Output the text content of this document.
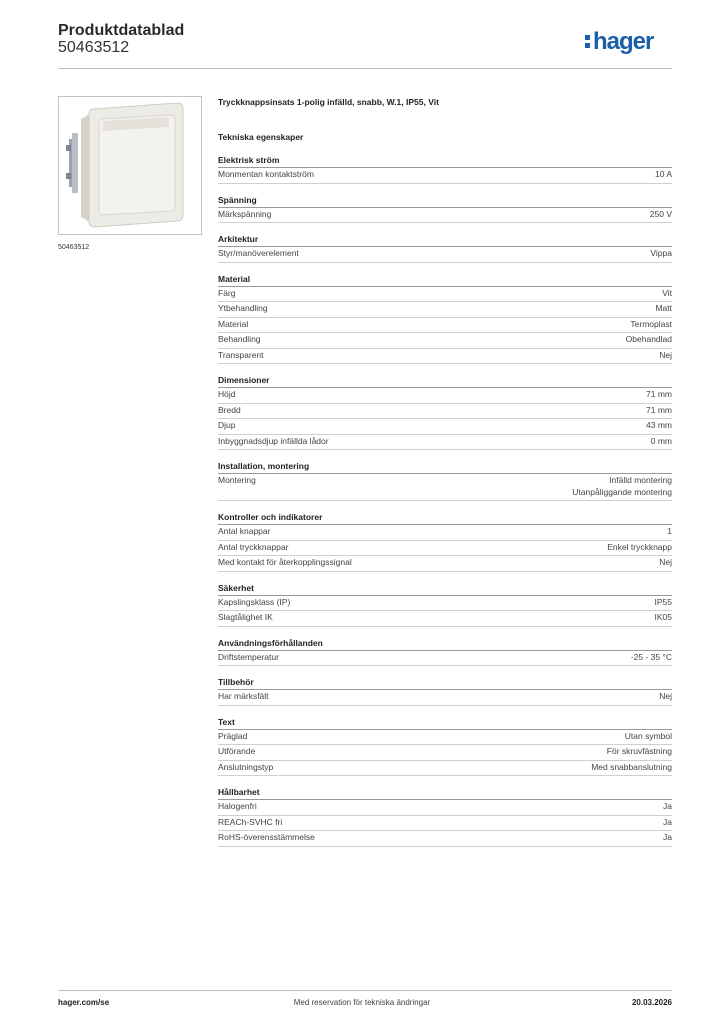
Produktdatablad
50463512	hager
50463512
Tryckknappsinsats 1-polig infälld, snabb, W.1, IP55, Vit
Tekniska egenskaper
Elektrisk ström
Monmentan kontaktström	10 A
Spänning
Märkspänning	250 V
Arkitektur
Styr/manöverelement	Vippa
Material
Färg	Vit
Ytbehandling	Matt
Material	Termoplast
Behandling	Obehandlad
Transparent	Nej
Dimensioner
Höjd	71 mm
Bredd	71 mm
Djup	43 mm
Inbyggnadsdjup infällda lådor	0 mm
Installation, montering
Montering	Infälld montering
Utanpåliggande montering
Kontroller och indikatorer
Antal knappar	1
Antal tryckknappar	Enkel tryckknapp
Med kontakt för återkopplingssignal	Nej
Säkerhet
Kapslingsklass (IP)	IP55
Slagtålighet IK	IK05
Användningsförhållanden
Driftstemperatur	-25 - 35 °C
Tillbehör
Har märksfält	Nej
Text
Präglad	Utan symbol
Utförande	För skruvfästning
Anslutningstyp	Med snabbanslutning
Hållbarhet
Halogenfri	Ja
REACh-SVHC fri	Ja
RoHS-överensstämmelse	Ja
hager.com/se	Med reservation för tekniska ändringar	20.03.2026
